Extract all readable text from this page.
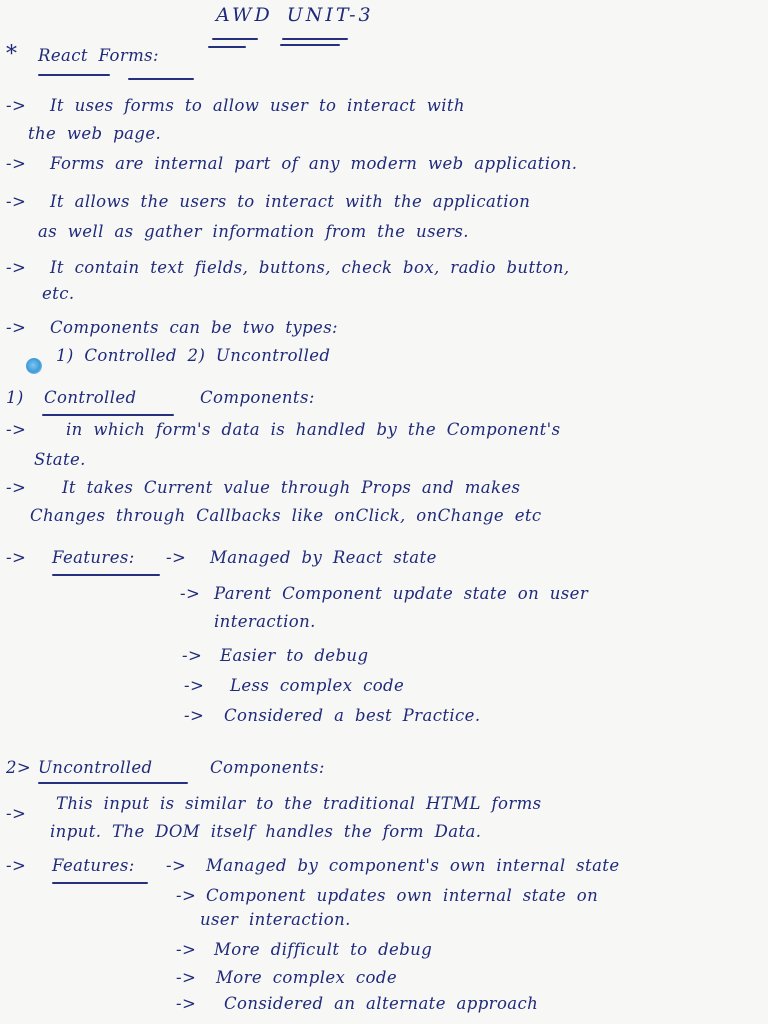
AWD UNIT-3
* React Forms:
-> It uses forms to allow user to interact with
the web page.
-> Forms are internal part of any modern web application.
-> It allows the users to interact with the application
as well as gather information from the users.
-> It contain text fields, buttons, check box, radio button,
etc.
-> Components can be two types:
1) Controlled 2) Uncontrolled
1) Controlled	Components:
-> in which form's data is handled by the Component's
State.
-> It takes Current value through Props and makes
Changes through Callbacks like onClick, onChange etc
-> Features: -> Managed by React state
-> Parent Component update state on user
interaction.
-> Easier to debug
-> Less complex code
-> Considered a best Practice.
2> Uncontrolled	Components:
->
This input is similar to the traditional HTML forms
input. The DOM itself handles the form Data.
-> Features: -> Managed by component's own internal state
-> Component updates own internal state on
user interaction.
-> More difficult to debug
-> More complex code
-> Considered an alternate approach
